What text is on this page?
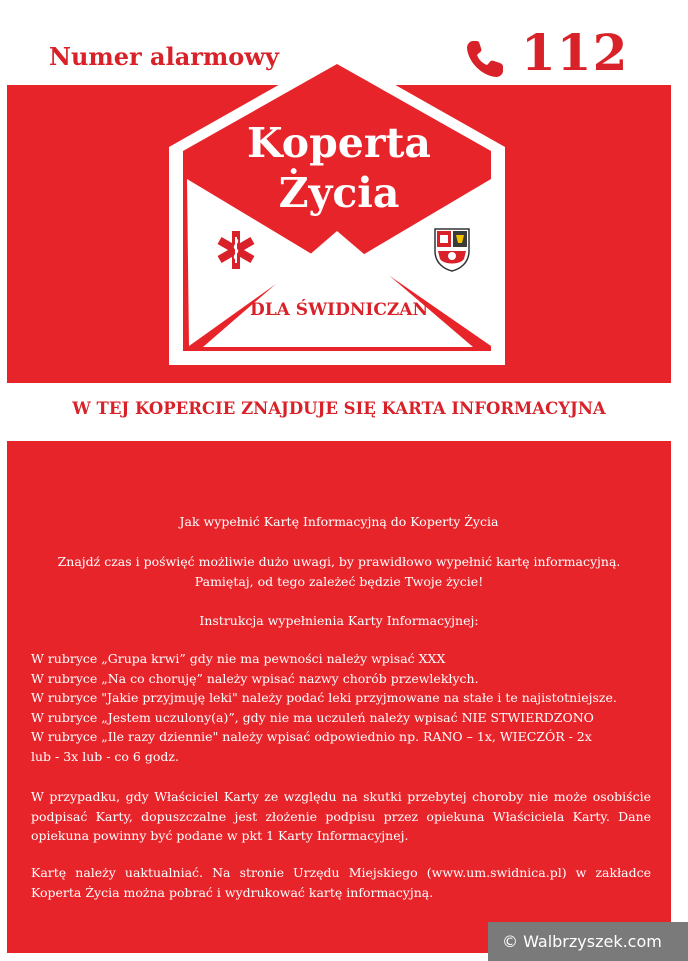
Numer alarmowy	112
Koperta
Życia
DLA ŚWIDNICZAN
W TEJ KOPERCIE ZNAJDUJE SIĘ KARTA INFORMACYJNA
Jak wypełnić Kartę Informacyjną do Koperty Życia

Znajdź czas i poświęć możliwie dużo uwagi, by prawidłowo wypełnić kartę informacyjną.

Pamiętaj, od tego zależeć będzie Twoje życie!

Instrukcja wypełnienia Karty Informacyjnej:

W rubryce „Grupa krwi” gdy nie ma pewności należy wpisać XXX

W rubryce „Na co choruję” należy wpisać nazwy chorób przewlekłych.

W rubryce "Jakie przyjmuję leki" należy podać leki przyjmowane na stałe i te najistotniejsze.

W rubryce „Jestem uczulony(a)”, gdy nie ma uczuleń należy wpisać NIE STWIERDZONO

W rubryce „Ile razy dziennie" należy wpisać odpowiednio np. RANO – 1x, WIECZÓR - 2x

lub - 3x lub - co 6 godz.

W przypadku, gdy Właściciel Karty ze względu na skutki przebytej choroby nie może osobiście podpisać Karty, dopuszczalne jest złożenie podpisu przez opiekuna Właściciela Karty. Dane opiekuna powinny być podane w pkt 1 Karty Informacyjnej.
Kartę należy uaktualniać. Na stronie Urzędu Miejskiego (www.um.swidnica.pl) w zakładce Koperta Życia można pobrać i wydrukować kartę informacyjną.
© Walbrzyszek.com
